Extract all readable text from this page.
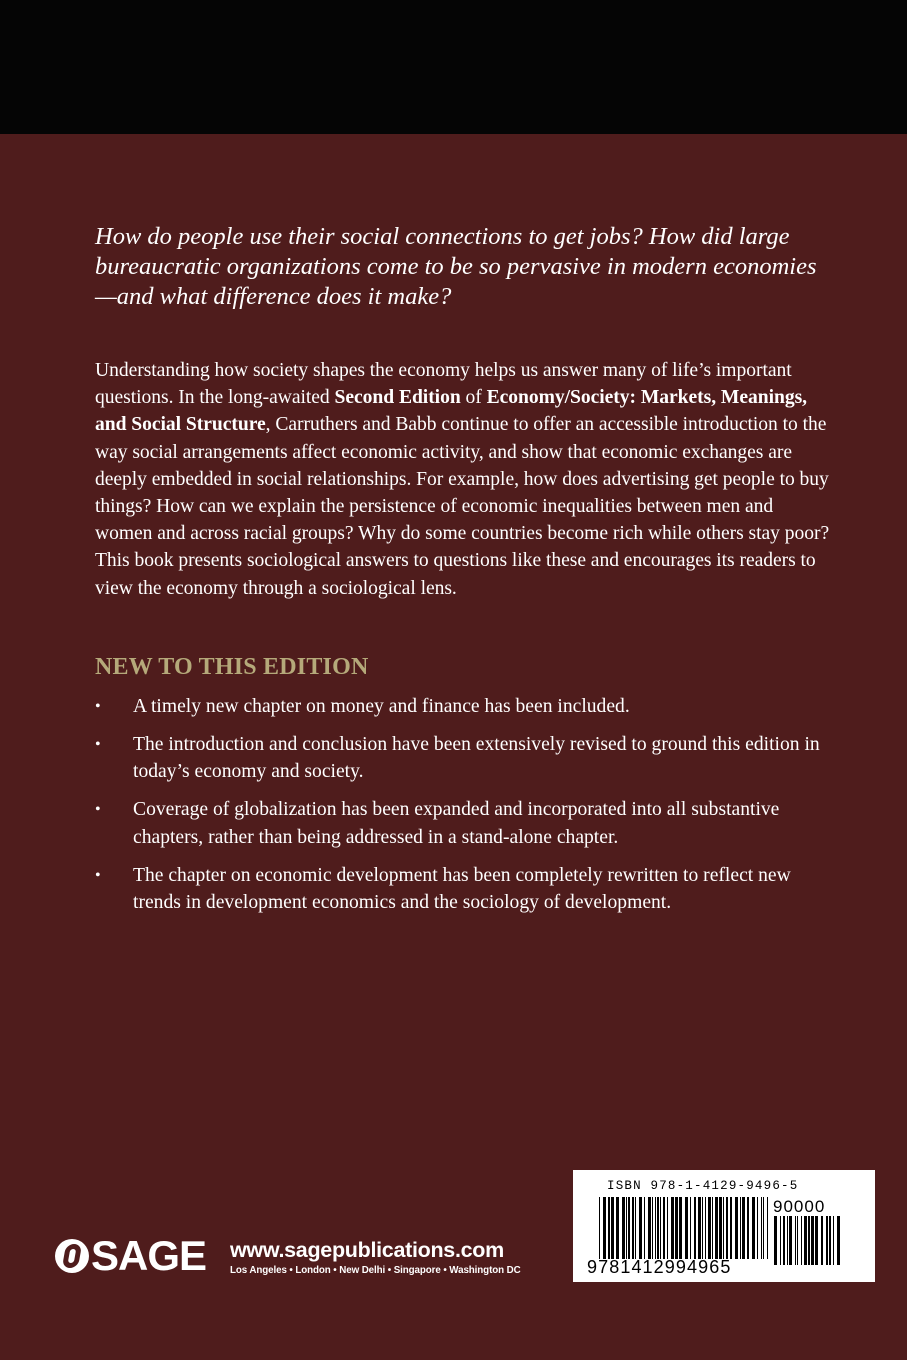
How do people use their social connections to get jobs? How did large bureaucratic organizations come to be so pervasive in modern economies—and what difference does it make?

Understanding how society shapes the economy helps us answer many of life’s important questions. In the long-awaited Second Edition of Economy/Society: Markets, Meanings, and Social Structure, Carruthers and Babb continue to offer an accessible introduction to the way social arrangements affect economic activity, and show that economic exchanges are deeply embedded in social relationships. For example, how does advertising get people to buy things? How can we explain the persistence of economic inequalities between men and women and across racial groups? Why do some countries become rich while others stay poor? This book presents sociological answers to questions like these and encourages its readers to view the economy through a sociological lens.

NEW TO THIS EDITION
• A timely new chapter on money and finance has been included.
• The introduction and conclusion have been extensively revised to ground this edition in today’s economy and society.
• Coverage of globalization has been expanded and incorporated into all substantive chapters, rather than being addressed in a stand-alone chapter.
• The chapter on economic development has been completely rewritten to reflect new trends in development economics and the sociology of development.
SAGE www.sagepublications.com
Los Angeles • London • New Delhi • Singapore • Washington DC
ISBN 978-1-4129-9496-5
90000
9781412994965
